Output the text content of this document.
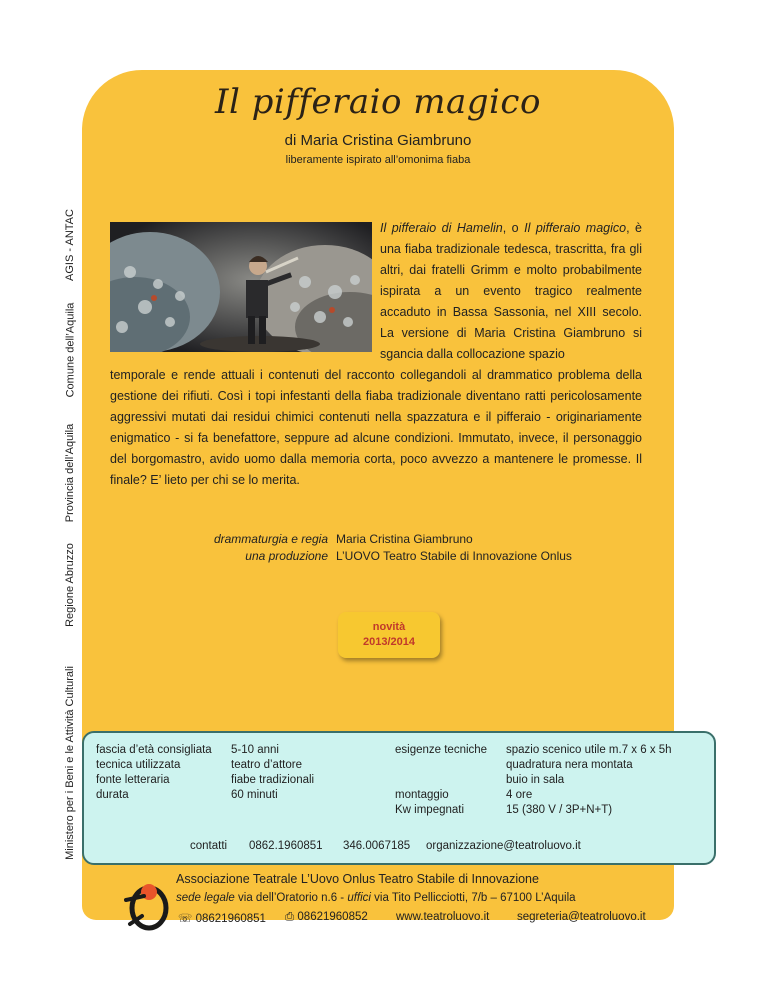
AGIS - ANTAC
Comune dell’Aquila
Provincia dell’Aquila
Regione Abruzzo
Ministero per i Beni e le Attività Culturali
Il pifferaio magico
di Maria Cristina Giambruno
liberamente ispirato all’omonima fiaba
Il pifferaio di Hamelin, o Il pifferaio magico, è una fiaba tradizionale tedesca, trascritta, fra gli altri, dai fratelli Grimm e molto probabilmente ispirata a un evento tragico realmente accaduto in Bassa Sassonia, nel XIII secolo. La versione di Maria Cristina Giambruno si sgancia dalla collocazione spazio
temporale e rende attuali i contenuti del racconto collegandoli al drammatico problema della gestione dei rifiuti. Così i topi infestanti della fiaba tradizionale diventano ratti pericolosamente aggressivi mutati dai residui chimici contenuti nella spazzatura e il pifferaio - originariamente enigmatico - si fa benefattore, seppure ad alcune condizioni. Immutato, invece, il personaggio del borgomastro, avido uomo dalla memoria corta, poco avvezzo a mantenere le promesse. Il finale? E’ lieto per chi se lo merita.
drammaturgia e regia
una produzione
Maria Cristina Giambruno
L’UOVO Teatro Stabile di Innovazione Onlus
novità
2013/2014
fascia d’età consigliata
tecnica utilizzata
fonte letteraria
durata
5-10 anni
teatro d’attore
fiabe tradizionali
60 minuti
esigenze tecniche
montaggio
Kw impegnati
spazio scenico utile m.7 x 6 x 5h
quadratura nera montata
buio in sala
4 ore
15 (380 V / 3P+N+T)
contatti 0862.1960851 346.0067185 organizzazione@teatroluovo.it
Associazione Teatrale L’Uovo Onlus Teatro Stabile di Innovazione
sede legale via dell’Oratorio n.6 - uffici via Tito Pellicciotti, 7/b – 67100 L’Aquila
☏ 08621960851 ⎙ 08621960852 www.teatroluovo.it segreteria@teatroluovo.it
